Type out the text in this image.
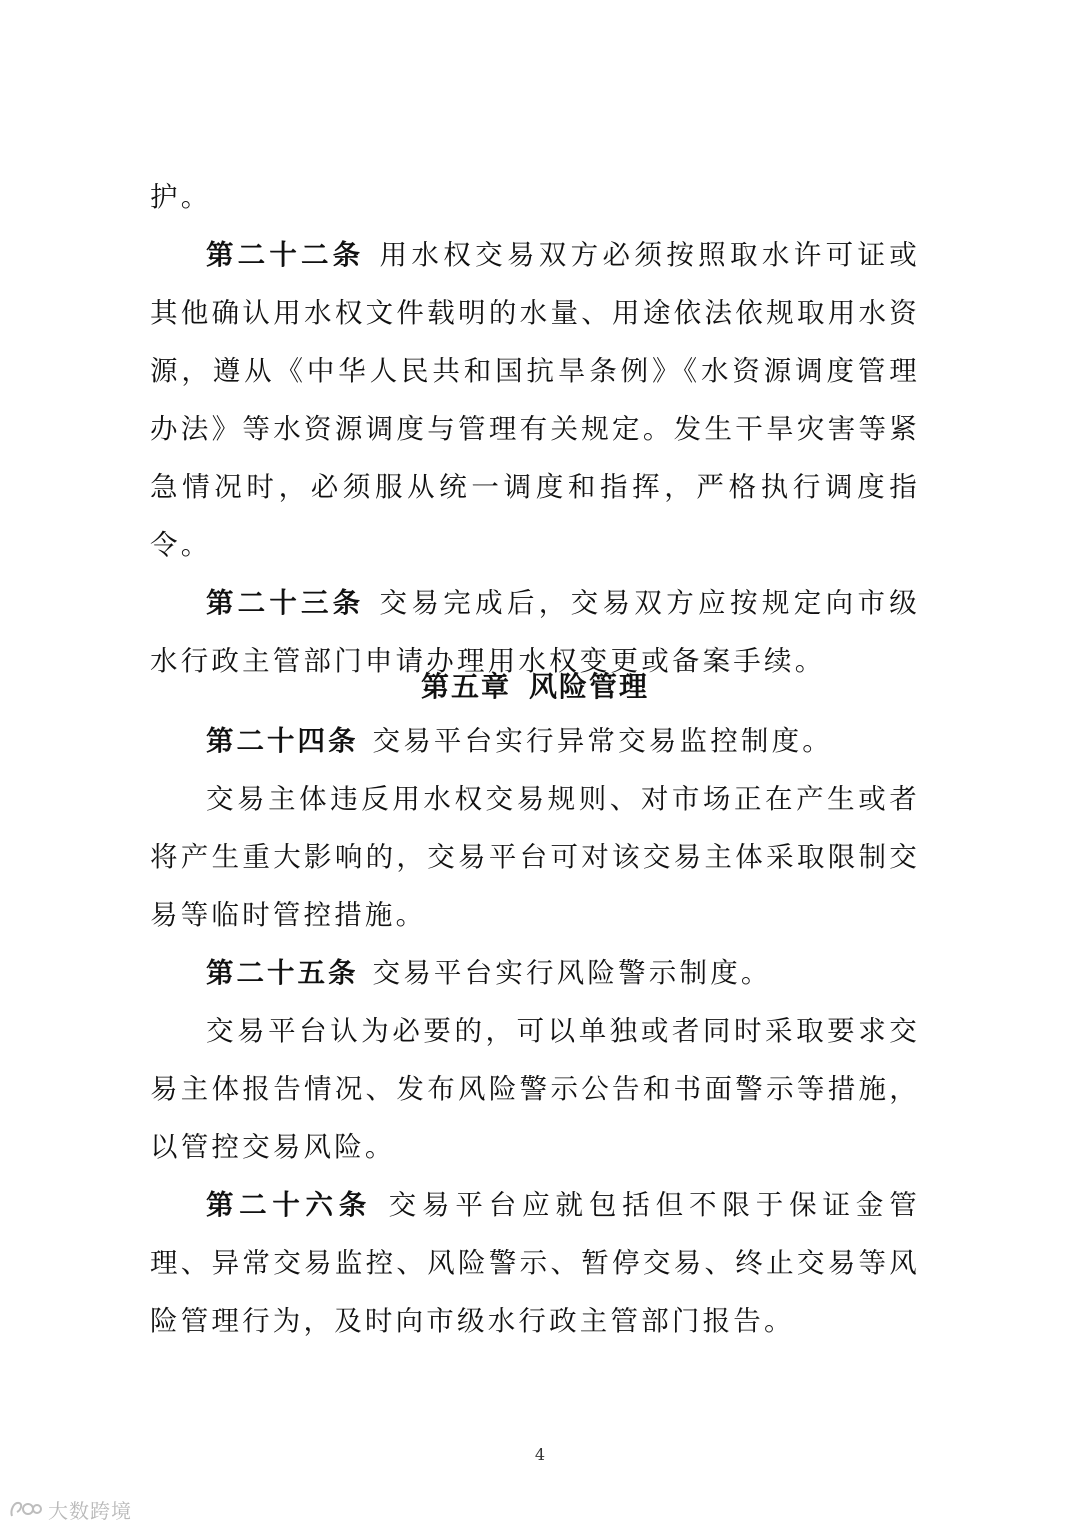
护。

第二十二条 用水权交易双方必须按照取水许可证或其他确认用水权文件载明的水量、用途依法依规取用水资源，遵从《中华人民共和国抗旱条例》《水资源调度管理办法》等水资源调度与管理有关规定。发生干旱灾害等紧急情况时，必须服从统一调度和指挥，严格执行调度指令。

第二十三条 交易完成后，交易双方应按规定向市级水行政主管部门申请办理用水权变更或备案手续。

第五章 风险管理

第二十四条 交易平台实行异常交易监控制度。

交易主体违反用水权交易规则、对市场正在产生或者将产生重大影响的，交易平台可对该交易主体采取限制交易等临时管控措施。

第二十五条 交易平台实行风险警示制度。

交易平台认为必要的，可以单独或者同时采取要求交易主体报告情况、发布风险警示公告和书面警示等措施，以管控交易风险。

第二十六条 交易平台应就包括但不限于保证金管理、异常交易监控、风险警示、暂停交易、终止交易等风险管理行为，及时向市级水行政主管部门报告。

4
大数跨境
